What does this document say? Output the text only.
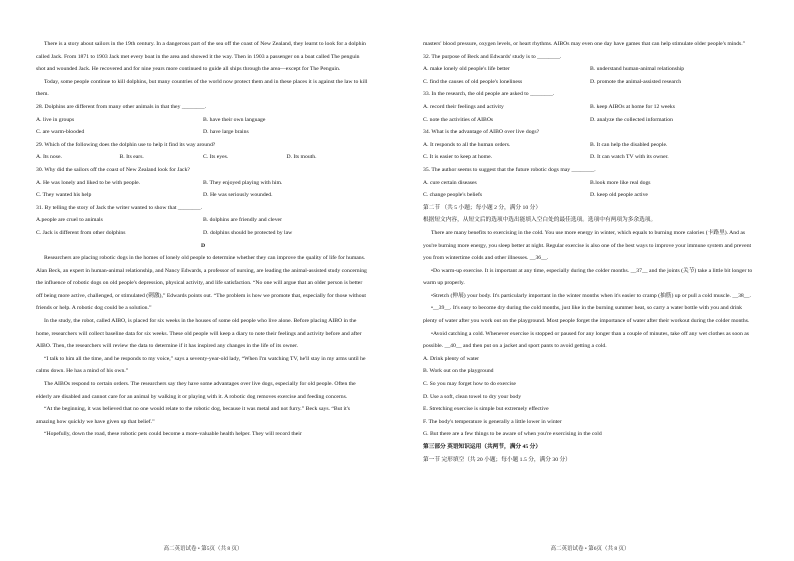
There is a story about sailors in the 19th century. In a dangerous part of the sea off the coast of New Zealand, they learnt to look for a dolphin called Jack. From 1871 to 1903 Jack met every boat in the area and showed it the way. Then in 1903 a passenger on a boat called The penguin shot and wounded Jack. He recovered and for nine years more continued to guide all ships through the area—except for The Penguin.

Today, some people continue to kill dolphins, but many countries of the world now protect them and in these places it is against the law to kill them.

28. Dolphins are different from many other animals in that they ________.

A. live in groups	B. have their own language
C. are warm-blooded	D. have large brains

29. Which of the following does the dolphin use to help it find its way around?

A. Its nose.	B. Its ears.	C. Its eyes.	D. Its mouth.

30. Why did the sailors off the coast of New Zealand look for Jack?

A. He was lonely and liked to be with people.	B. They enjoyed playing with him.
C. They wanted his help	D. He was seriously wounded.

31. By telling the story of Jack the writer wanted to show that ________.

A.people are cruel to animals	B. dolphins are friendly and clever
C. Jack is different from other dolphins	D. dolphins should be protected by law

D

Researchers are placing robotic dogs in the homes of lonely old people to determine whether they can improve the quality of life for humans. Alan Beck, an expert in human-animal relationship, and Nancy Edwards, a professor of nursing, are leading the animal-assisted study concerning the influence of robotic dogs on old people's depression, physical activity, and life satisfaction. “No one will argue that an older person is better off being more active, challenged, or stimulated (刺激),” Edwards points out. “The problem is how we promote that, especially for those without friends or help. A robotic dog could be a solution.”

In the study, the robot, called AIBO, is placed for six weeks in the houses of some old people who live alone. Before placing AIBO in the home, researchers will collect baseline data for six weeks. These old people will keep a diary to note their feelings and activity before and after AIBO. Then, the researchers will review the data to determine if it has inspired any changes in the life of its owner.

“I talk to him all the time, and he responds to my voice,” says a seventy-year-old lady, “When I'm watching TV, he'll stay in my arms until he calms down. He has a mind of his own.”

The AIBOs respond to certain orders. The researchers say they have some advantages over live dogs, especially for old people. Often the elderly are disabled and cannot care for an animal by walking it or playing with it. A robotic dog removes exercise and feeding concerns.

“At the beginning, it was believed that no one would relate to the robotic dog, because it was metal and not furry.” Beck says. “But it's amazing how quickly we have given up that belief.”

“Hopefully, down the road, these robotic pets could become a more-valuable health helper. They will record their

masters' blood pressure, oxygen levels, or heart rhythms. AIBOs may even one day have games that can help stimulate older people's minds.”

32. The purpose of Beck and Edwards' study is to ________.

A. make lonely old people's life better	B. understand human-animal relationship
C. find the causes of old people's loneliness	D. promote the animal-assisted research

33. In the research, the old people are asked to ________.

A. record their feelings and activity	B. keep AIBOs at home for 12 weeks
C. note the activities of AIBOs	D. analyze the collected information

34. What is the advantage of AIBO over live dogs?

A. It responds to all the human orders.	B. It can help the disabled people.
C. It is easier to keep at home.	D. It can watch TV with its owner.

35. The author seems to suggest that the future robotic dogs may ________.

A. cure certain diseases	B.look more like real dogs
C. change people's beliefs	D. keep old people active

第二节 （共 5 小题；每小题 2 分，满分 10 分）

根据短文内容，从短文后的选项中选出能填入空白处的最佳选项。选项中有两项为多余选项。

There are many benefits to exercising in the cold. You use more energy in winter, which equals to burning more calories (卡路里). And as you're burning more energy, you sleep better at night. Regular exercise is also one of the best ways to improve your immune system and prevent you from wintertime colds and other illnesses. __36__.

•Do warm-up exercise. It is important at any time, especially during the colder months. __37__ and the joints (关节) take a little bit longer to warm up properly.

•Stretch (伸展) your body. It's particularly important in the winter months when it's easier to cramp (抽筋) up or pull a cold muscle. __38__.

•__39__. It's easy to become dry during the cold months, just like in the burning summer heat, so carry a water bottle with you and drink plenty of water after you work out on the playground. Most people forget the importance of water after their workout during the colder months.

•Avoid catching a cold. Whenever exercise is stopped or paused for any longer than a couple of minutes, take off any wet clothes as soon as possible. __40__ and then put on a jacket and sport pants to avoid getting a cold.

A. Drink plenty of water

B. Work out on the playground

C. So you may forget how to do exercise

D. Use a soft, clean towel to dry your body

E. Stretching exercise is simple but extremely effective

F. The body's temperature is generally a little lower in winter

G. But there are a few things to be aware of when you're exercising in the cold

第三部分 英语知识运用（共两节，满分 45 分）

第一节 完形填空（共 20 小题；每小题 1.5 分，满分 30 分）

高二英语试卷 • 第5页（共 8 页）	高二英语试卷 • 第6页（共 8 页）
